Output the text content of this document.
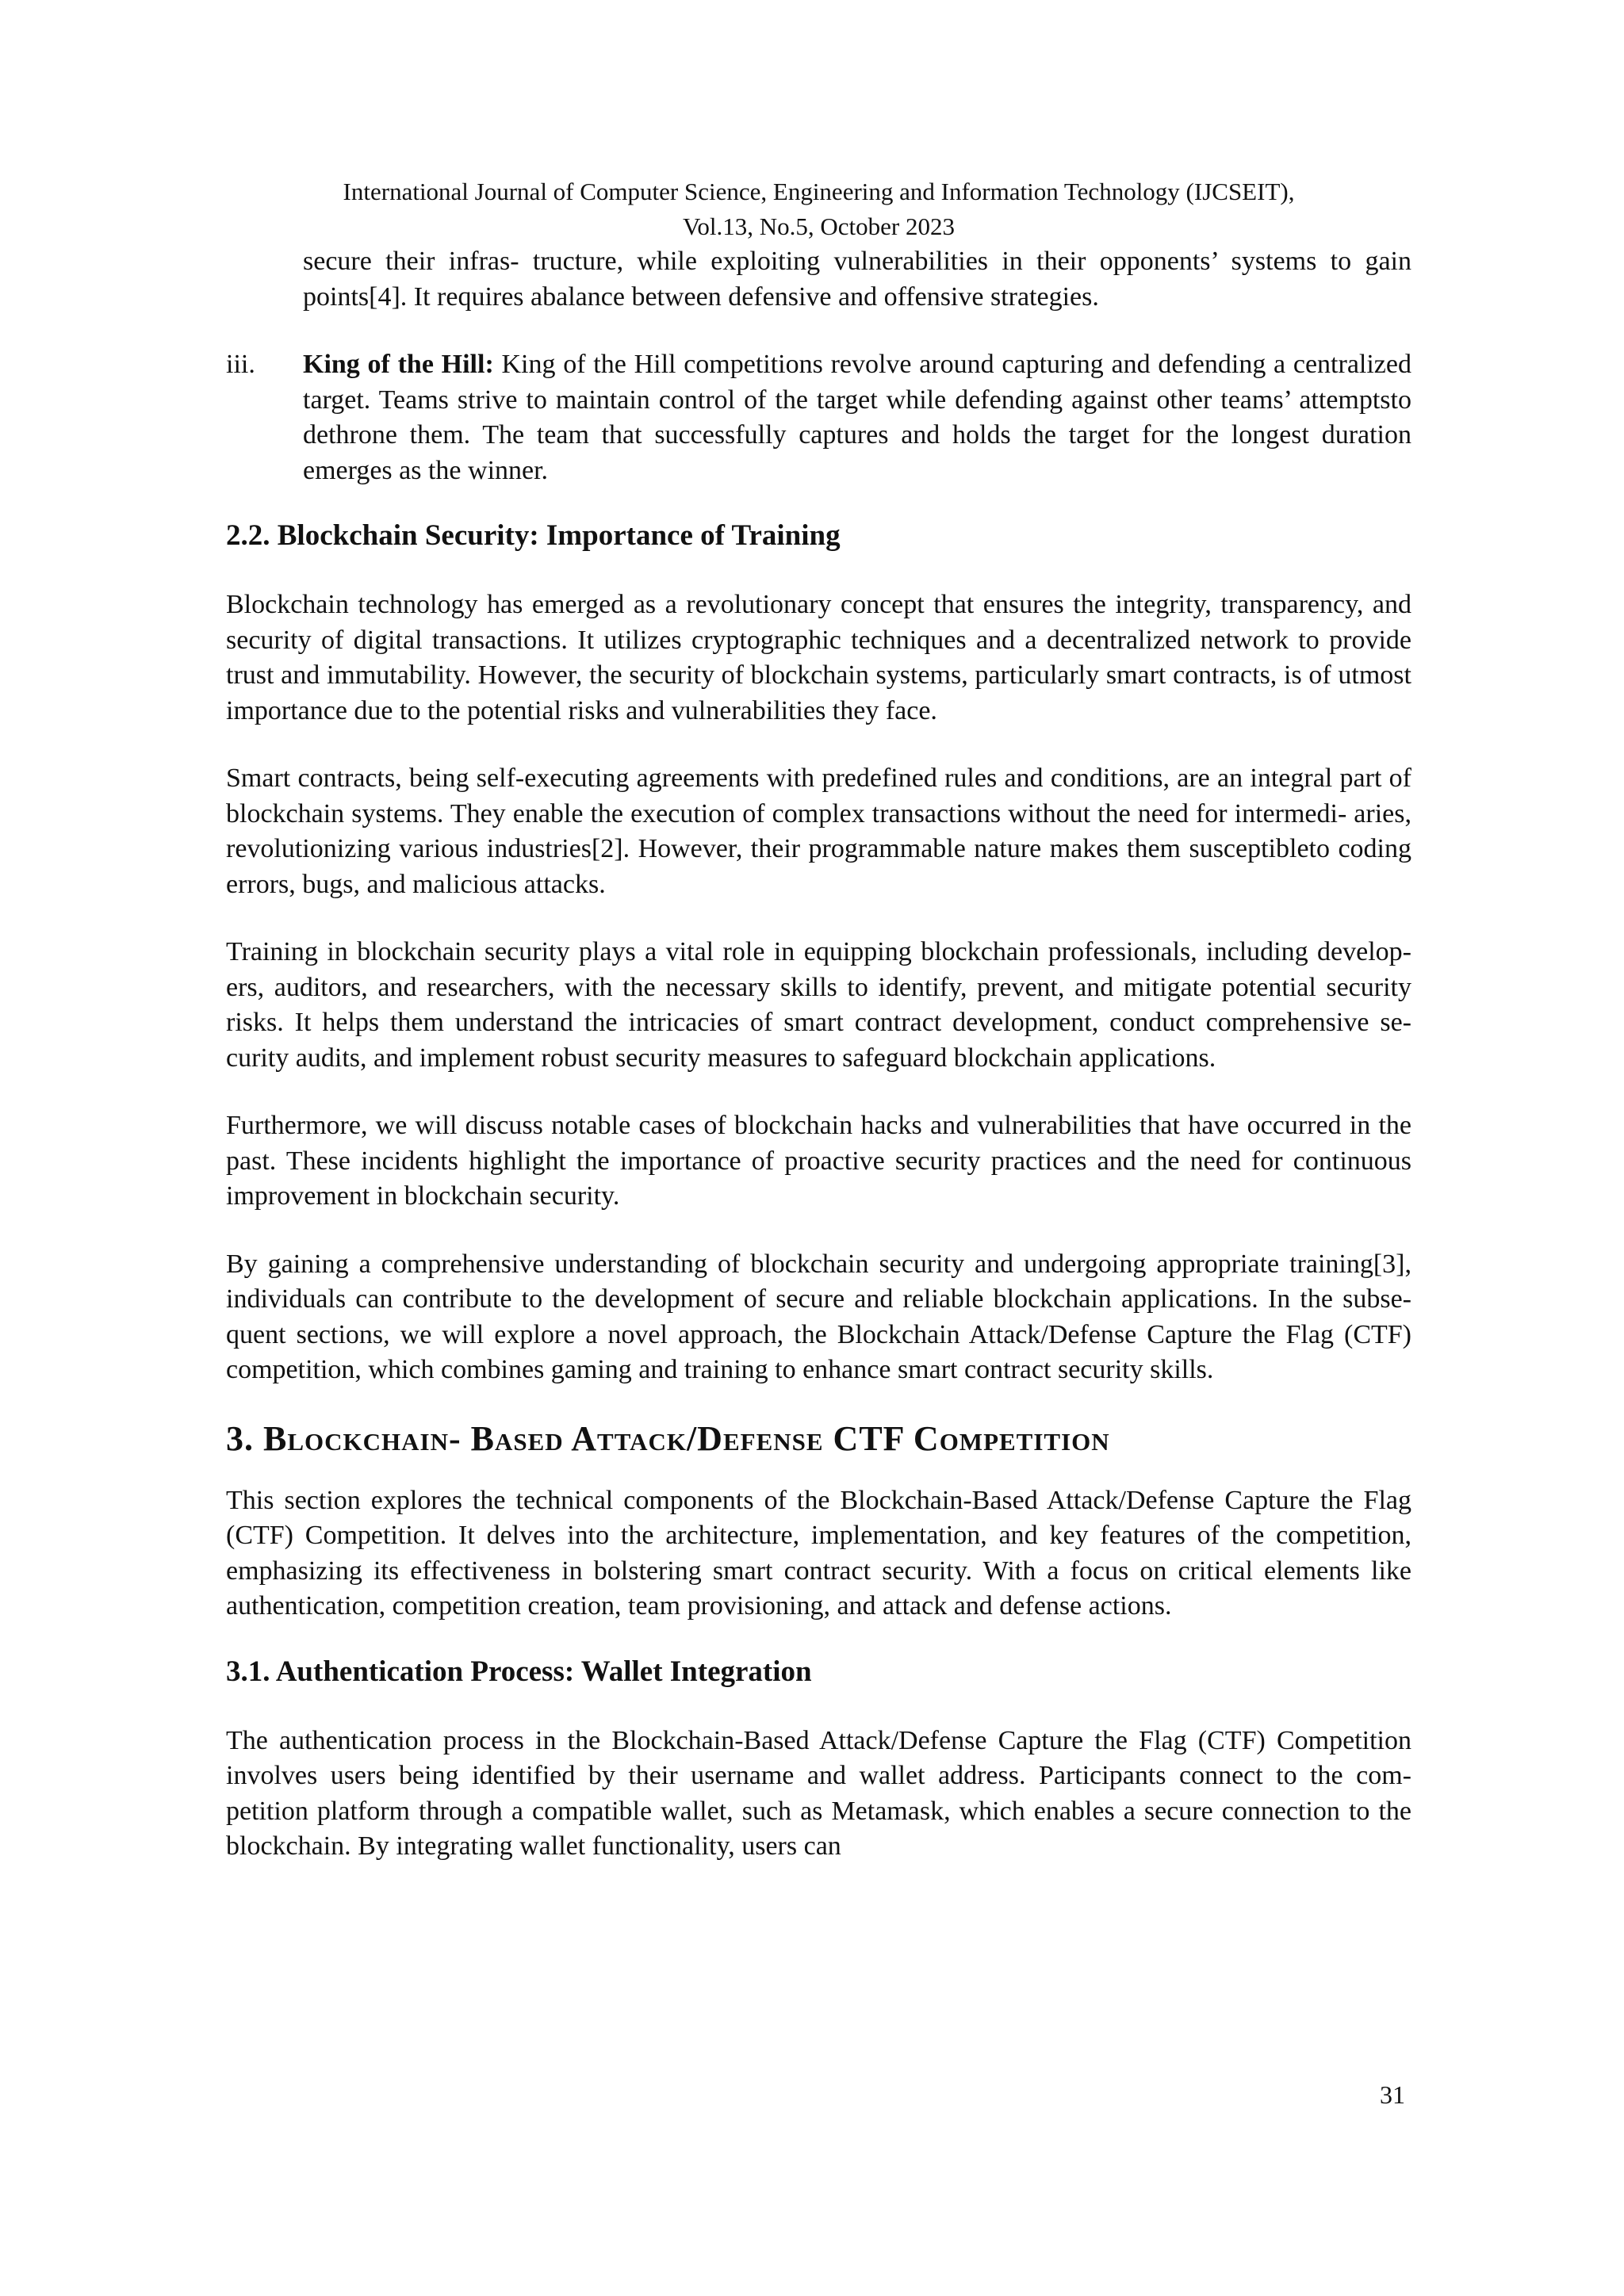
International Journal of Computer Science, Engineering and Information Technology (IJCSEIT),
Vol.13, No.5, October 2023

secure their infras- tructure, while exploiting vulnerabilities in their opponents’ systems to gain points[4]. It requires abalance between defensive and offensive strategies.

iii. King of the Hill: King of the Hill competitions revolve around capturing and defending a centralized target. Teams strive to maintain control of the target while defending against other teams’ attemptsto dethrone them. The team that successfully captures and holds the target for the longest duration emerges as the winner.

2.2. Blockchain Security: Importance of Training

Blockchain technology has emerged as a revolutionary concept that ensures the integrity, transparency, and security of digital transactions. It utilizes cryptographic techniques and a decentralized network to provide trust and immutability. However, the security of blockchain systems, particularly smart contracts, is of utmost importance due to the potential risks and vulnerabilities they face.

Smart contracts, being self-executing agreements with predefined rules and conditions, are an integral part of blockchain systems. They enable the execution of complex transactions without the need for intermedi- aries, revolutionizing various industries[2]. However, their programmable nature makes them susceptibleto coding errors, bugs, and malicious attacks.

Training in blockchain security plays a vital role in equipping blockchain professionals, including develop- ers, auditors, and researchers, with the necessary skills to identify, prevent, and mitigate potential security risks. It helps them understand the intricacies of smart contract development, conduct comprehensive se- curity audits, and implement robust security measures to safeguard blockchain applications.

Furthermore, we will discuss notable cases of blockchain hacks and vulnerabilities that have occurred in the past. These incidents highlight the importance of proactive security practices and the need for continuous improvement in blockchain security.

By gaining a comprehensive understanding of blockchain security and undergoing appropriate training[3], individuals can contribute to the development of secure and reliable blockchain applications. In the subse- quent sections, we will explore a novel approach, the Blockchain Attack/Defense Capture the Flag (CTF) competition, which combines gaming and training to enhance smart contract security skills.

3. Blockchain- Based Attack/Defense CTF Competition

This section explores the technical components of the Blockchain-Based Attack/Defense Capture the Flag (CTF) Competition. It delves into the architecture, implementation, and key features of the competition, emphasizing its effectiveness in bolstering smart contract security. With a focus on critical elements like authentication, competition creation, team provisioning, and attack and defense actions.

3.1. Authentication Process: Wallet Integration

The authentication process in the Blockchain-Based Attack/Defense Capture the Flag (CTF) Competition involves users being identified by their username and wallet address. Participants connect to the com- petition platform through a compatible wallet, such as Metamask, which enables a secure connection to the blockchain. By integrating wallet functionality, users can

31
